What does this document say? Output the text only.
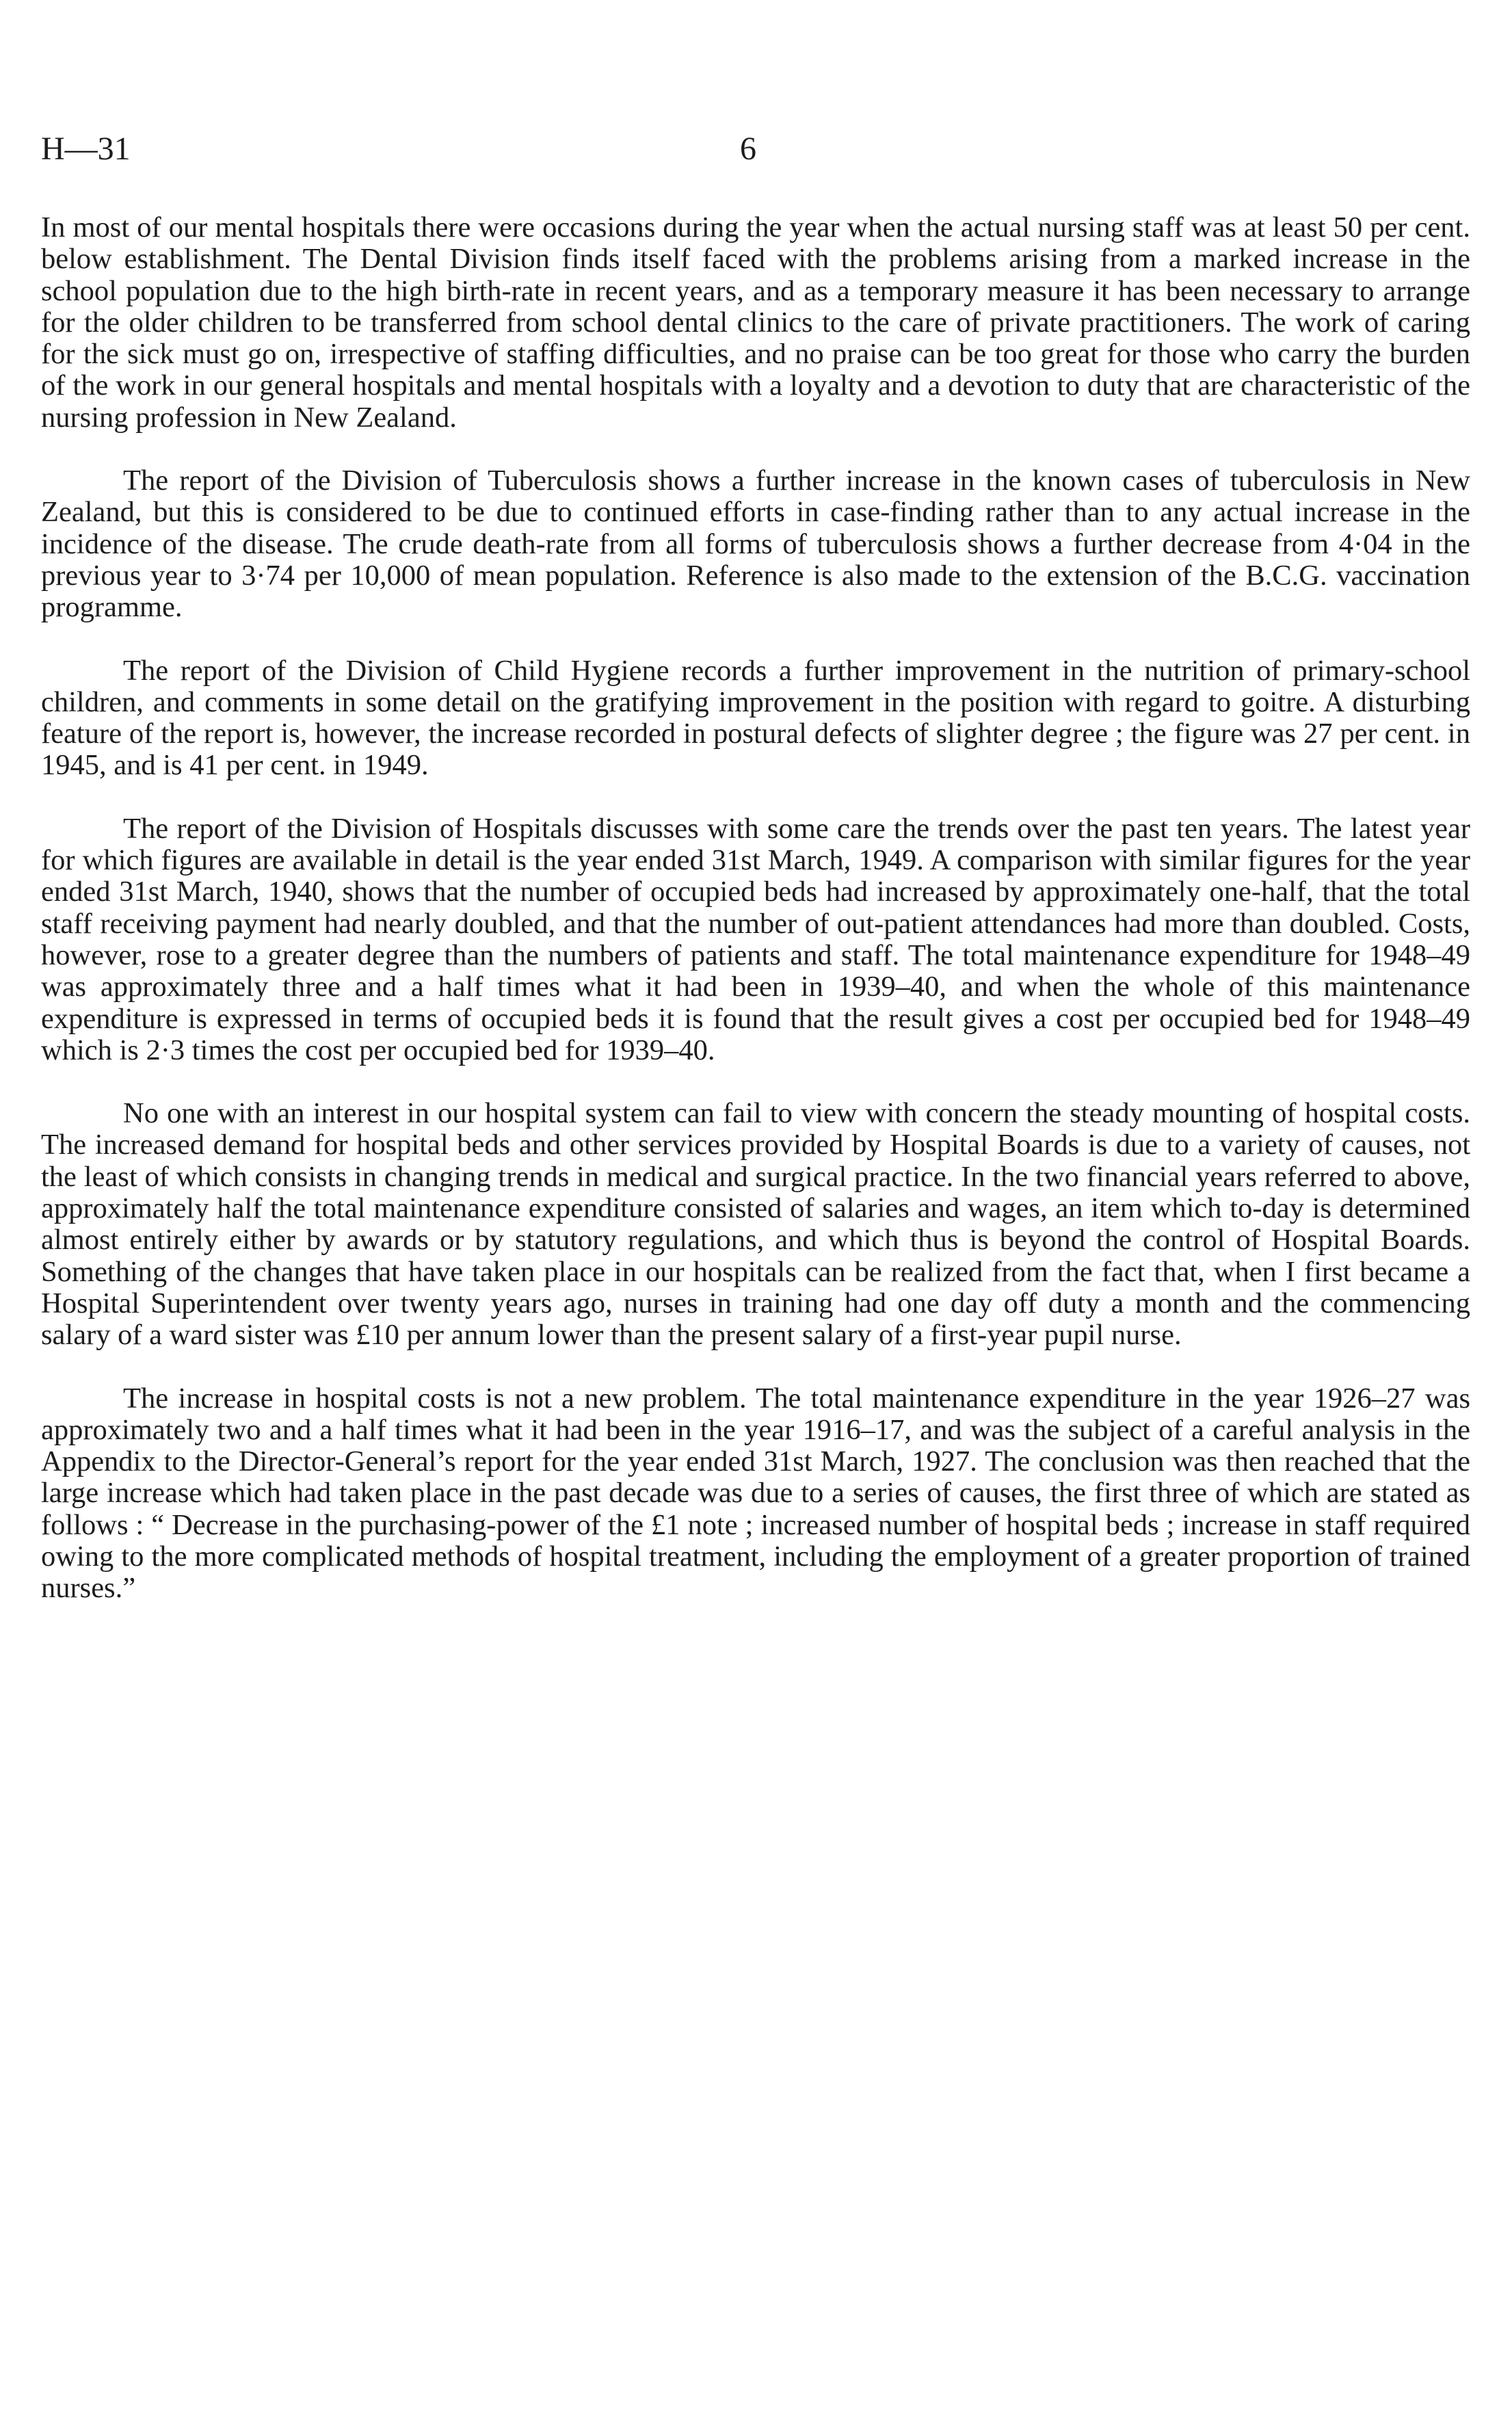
H—31	6

In most of our mental hospitals there were occasions during the year when the actual nursing staff was at least 50 per cent. below establishment. The Dental Division finds itself faced with the problems arising from a marked increase in the school population due to the high birth-rate in recent years, and as a temporary measure it has been necessary to arrange for the older children to be transferred from school dental clinics to the care of private practitioners. The work of caring for the sick must go on, irrespective of staffing difficulties, and no praise can be too great for those who carry the burden of the work in our general hospitals and mental hospitals with a loyalty and a devotion to duty that are characteristic of the nursing profession in New Zealand.

The report of the Division of Tuberculosis shows a further increase in the known cases of tuberculosis in New Zealand, but this is considered to be due to continued efforts in case-finding rather than to any actual increase in the incidence of the disease. The crude death-rate from all forms of tuberculosis shows a further decrease from 4·04 in the previous year to 3·74 per 10,000 of mean population. Reference is also made to the extension of the B.C.G. vaccination programme.

The report of the Division of Child Hygiene records a further improvement in the nutrition of primary-school children, and comments in some detail on the gratifying improvement in the position with regard to goitre. A disturbing feature of the report is, however, the increase recorded in postural defects of slighter degree ; the figure was 27 per cent. in 1945, and is 41 per cent. in 1949.

The report of the Division of Hospitals discusses with some care the trends over the past ten years. The latest year for which figures are available in detail is the year ended 31st March, 1949. A comparison with similar figures for the year ended 31st March, 1940, shows that the number of occupied beds had increased by approximately one-half, that the total staff receiving payment had nearly doubled, and that the number of out-patient attendances had more than doubled. Costs, however, rose to a greater degree than the numbers of patients and staff. The total maintenance expenditure for 1948–49 was approximately three and a half times what it had been in 1939–40, and when the whole of this maintenance expenditure is expressed in terms of occupied beds it is found that the result gives a cost per occupied bed for 1948–49 which is 2·3 times the cost per occupied bed for 1939–40.

No one with an interest in our hospital system can fail to view with concern the steady mounting of hospital costs. The increased demand for hospital beds and other services provided by Hospital Boards is due to a variety of causes, not the least of which consists in changing trends in medical and surgical practice. In the two financial years referred to above, approximately half the total maintenance expenditure consisted of salaries and wages, an item which to-day is determined almost entirely either by awards or by statutory regulations, and which thus is beyond the control of Hospital Boards. Something of the changes that have taken place in our hospitals can be realized from the fact that, when I first became a Hospital Superintendent over twenty years ago, nurses in training had one day off duty a month and the commencing salary of a ward sister was £10 per annum lower than the present salary of a first-year pupil nurse.

The increase in hospital costs is not a new problem. The total maintenance expenditure in the year 1926–27 was approximately two and a half times what it had been in the year 1916–17, and was the subject of a careful analysis in the Appendix to the Director-General’s report for the year ended 31st March, 1927. The conclusion was then reached that the large increase which had taken place in the past decade was due to a series of causes, the first three of which are stated as follows : “ Decrease in the purchasing-power of the £1 note ; increased number of hospital beds ; increase in staff required owing to the more complicated methods of hospital treatment, including the employment of a greater proportion of trained nurses.”
